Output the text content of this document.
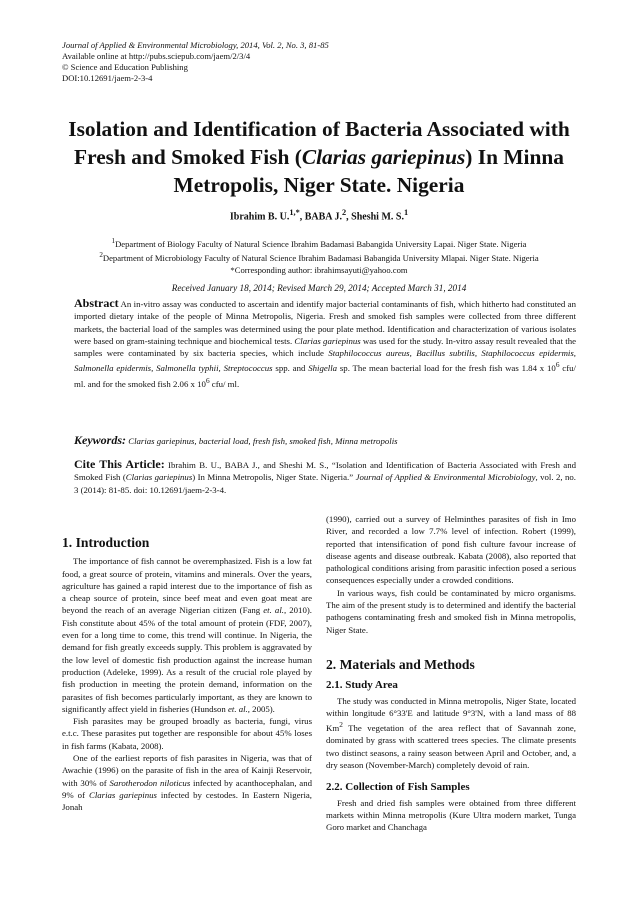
Journal of Applied & Environmental Microbiology, 2014, Vol. 2, No. 3, 81-85
Available online at http://pubs.sciepub.com/jaem/2/3/4
© Science and Education Publishing
DOI:10.12691/jaem-2-3-4
Isolation and Identification of Bacteria Associated with Fresh and Smoked Fish (Clarias gariepinus) In Minna Metropolis, Niger State. Nigeria
Ibrahim B. U.$^{1,*}$, BABA J.$^2$, Sheshi M. S.$^1$
$^1$Department of Biology Faculty of Natural Science Ibrahim Badamasi Babangida University Lapai. Niger State. Nigeria
$^2$Department of Microbiology Faculty of Natural Science Ibrahim Badamasi Babangida University Mlapai. Niger State. Nigeria
*Corresponding author: ibrahimsayuti@yahoo.com
Received January 18, 2014; Revised March 29, 2014; Accepted March 31, 2014
Abstract An in-vitro assay was conducted to ascertain and identify major bacterial contaminants of fish, which hitherto had constituted an imported dietary intake of the people of Minna Metropolis, Nigeria. Fresh and smoked fish samples were collected from three different markets, the bacterial load of the samples was determined using the pour plate method. Identification and characterization of various isolates were based on gram-staining technique and biochemical tests. Clarias gariepinus was used for the study. In-vitro assay result revealed that the samples were contaminated by six bacteria species, which include Staphilococcus aureus, Bacillus subtilis, Staphilococcus epidermis, Salmonella epidermis, Salmonella typhii, Streptococcus spp. and Shigella sp. The mean bacterial load for the fresh fish was 1.84 x $10^6$ cfu/ ml. and for the smoked fish 2.06 x $10^6$ cfu/ ml.
Keywords: Clarias gariepinus, bacterial load, fresh fish, smoked fish, Minna metropolis
Cite This Article: Ibrahim B. U., BABA J., and Sheshi M. S., “Isolation and Identification of Bacteria Associated with Fresh and Smoked Fish (Clarias gariepinus) In Minna Metropolis, Niger State. Nigeria.” Journal of Applied & Environmental Microbiology, vol. 2, no. 3 (2014): 81-85. doi: 10.12691/jaem-2-3-4.
1. Introduction

The importance of fish cannot be overemphasized. Fish is a low fat food, a great source of protein, vitamins and minerals. Over the years, agriculture has gained a rapid interest due to the importance of fish as a cheap source of protein, since beef meat and even goat meat are beyond the reach of an average Nigerian citizen (Fang et. al., 2010). Fish constitute about 45% of the total amount of protein (FDF, 2007), even for a long time to come, this trend will continue. In Nigeria, the demand for fish greatly exceeds supply. This problem is aggravated by the low level of domestic fish production against the increase human production (Adeleke, 1999). As a result of the crucial role played by fish production in meeting the protein demand, information on the parasites of fish becomes particularly important, as they are known to significantly affect yield in fisheries (Hundson et. al., 2005).

Fish parasites may be grouped broadly as bacteria, fungi, virus e.t.c. These parasites put together are responsible for about 45% loses in fish farms (Kabata, 2008).

One of the earliest reports of fish parasites in Nigeria, was that of Awachie (1996) on the parasite of fish in the area of Kainji Reservoir, with 30% of Sarotherodon niloticus infected by acanthocephalan, and 9% of Clarias gariepinus infected by cestodes. In Eastern Nigeria, Jonah

(1990), carried out a survey of Helminthes parasites of fish in Imo River, and recorded a low 7.7% level of infection. Robert (1999), reported that intensification of pond fish culture favour increase of disease agents and disease outbreak. Kabata (2008), also reported that pathological conditions arising from parasitic infection posed a serious consequences especially under a crowded conditions.

In various ways, fish could be contaminated by micro organisms. The aim of the present study is to determined and identify the bacterial pathogens contaminating fresh and smoked fish in Minna metropolis, Niger State.

2. Materials and Methods
2.1. Study Area

The study was conducted in Minna metropolis, Niger State, located within longitude 6°33'E and latitude 9°3'N, with a land mass of 88 Km$^2$ The vegetation of the area reflect that of Savannah zone, dominated by grass with scattered trees species. The climate presents two distinct seasons, a rainy season between April and October, and, a dry season (November-March) completely devoid of rain.

2.2. Collection of Fish Samples

Fresh and dried fish samples were obtained from three different markets within Minna metropolis (Kure Ultra modern market, Tunga Goro market and Chanchaga
